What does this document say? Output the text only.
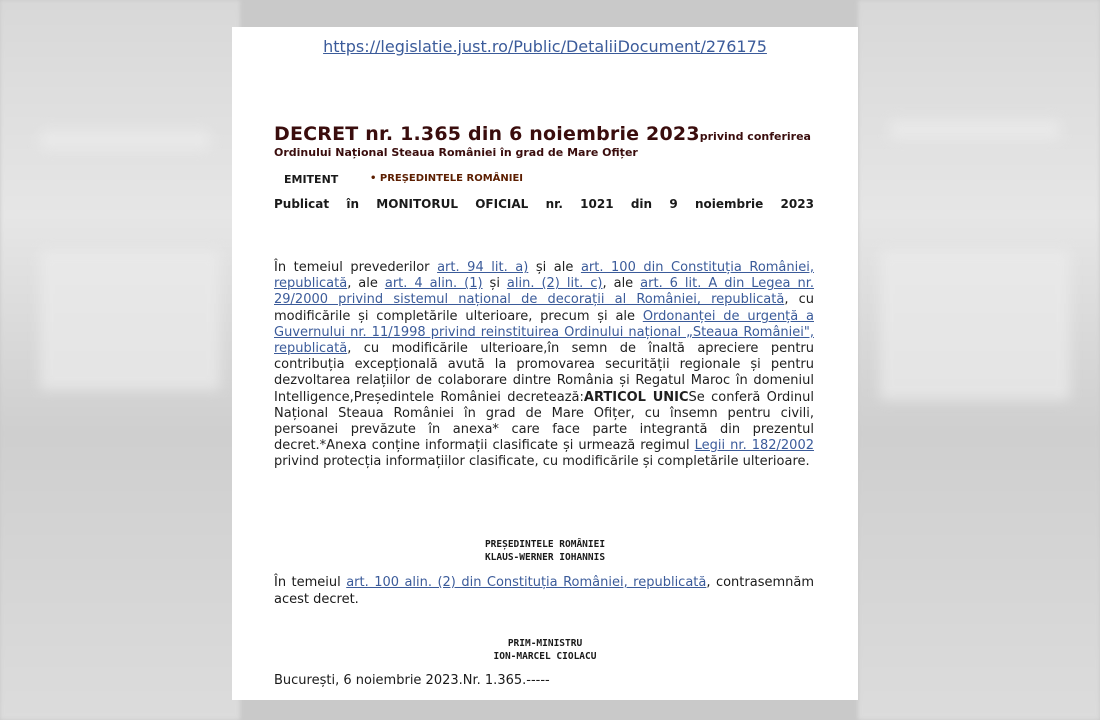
https://legislatie.just.ro/Public/DetaliiDocument/276175
DECRET nr. 1.365 din 6 noiembrie 2023privind conferirea
Ordinului Național Steaua României în grad de Mare Ofițer
EMITENT	• PREȘEDINTELE ROMÂNIEI
Publicat în MONITORUL OFICIAL nr. 1021 din 9 noiembrie 2023
În temeiul prevederilor art. 94 lit. a) și ale art. 100 din Constituția României, republicată, ale art. 4 alin. (1) și alin. (2) lit. c), ale art. 6 lit. A din Legea nr. 29/2000 privind sistemul național de decorații al României, republicată, cu modificările și completările ulterioare, precum și ale Ordonanței de urgență a Guvernului nr. 11/1998 privind reinstituirea Ordinului național „Steaua României", republicată, cu modificările ulterioare,în semn de înaltă apreciere pentru contribuția excepțională avută la promovarea securității regionale și pentru dezvoltarea relațiilor de colaborare dintre România și Regatul Maroc în domeniul Intelligence,Președintele României decretează:ARTICOL UNICSe conferă Ordinul Național Steaua României în grad de Mare Ofițer, cu însemn pentru civili, persoanei prevăzute în anexa* care face parte integrantă din prezentul decret.*Anexa conține informații clasificate și urmează regimul Legii nr. 182/2002 privind protecția informațiilor clasificate, cu modificările și completările ulterioare.
PREȘEDINTELE ROMÂNIEI
KLAUS-WERNER IOHANNIS
În temeiul art. 100 alin. (2) din Constituția României, republicată, contrasemnăm acest decret.
PRIM-MINISTRU
ION-MARCEL CIOLACU
București, 6 noiembrie 2023.Nr. 1.365.-----
